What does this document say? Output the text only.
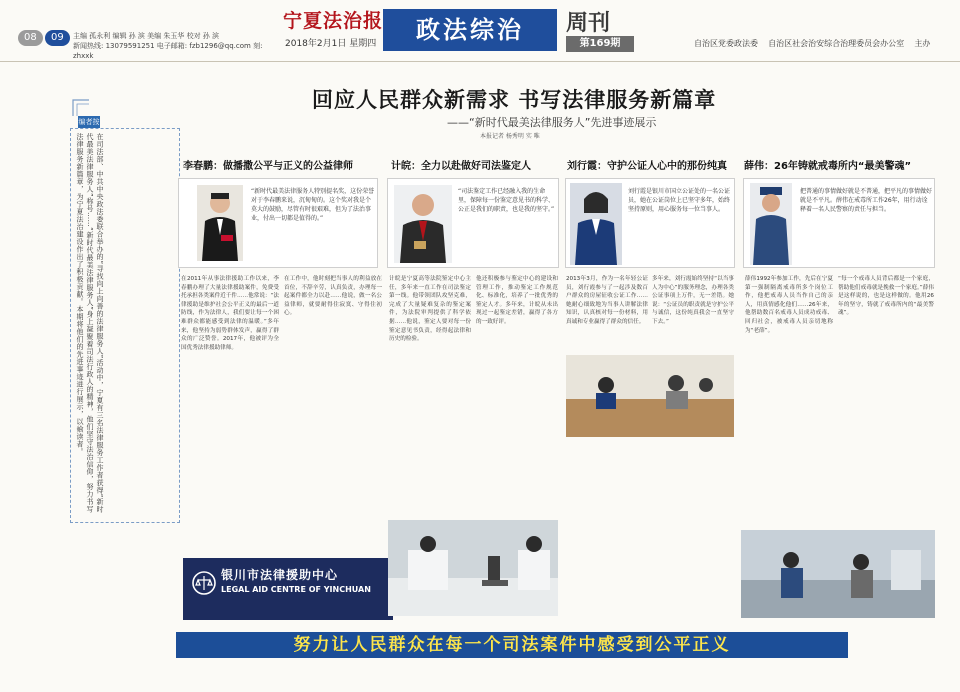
08	09	主编 孤永利 编辑 孙 滨 美编 朱玉华 校对 孙 滨
新闻热线: 13079591251 电子邮箱: fzb1296@qq.com 刻: zhxxk
宁夏法治报
2018年2月1日 星期四	政法综治	周刊
第169期	自治区党委政法委 自治区社会治安综合治理委员会办公室 主办
回应人民群众新需求 书写法律服务新篇章
——“新时代最美法律服务人”先进事迹展示
本报记者 杨秀明 实 唯
编者按
在司法部、中共中央政法委联合举办的“寻找向上向善的法律服务人”活动中，宁夏有三名法律服务工作者获得“新时代最美法律服务人”称号……“新时代最美法律服务人”身上凝聚着司法行政人的精神，他们坚守法治信仰，努力书写法律服务新篇章，为宁夏法治建设作出了积极贡献。本期将他们的先进事迹进行展示，以飨读者。	李春鹏：做播撒公平与正义的公益律师	计皖：全力以赴做好司法鉴定人	刘行霞：守护公证人心中的那份纯真 薛伟：26年铸就戒毒所内“最美警魂”
“新时代最美法律服务人特别提名奖，这份荣誉对于李春鹏来说，沉甸甸的。这个奖对我是个莫大的鼓励，尽管有时很艰难，但为了法治事业，付出一切都是值得的。”
“司法鉴定工作已经融入我的生命里，保障每一份鉴定意见书的科学、公正是我们的职责，也是我的坚守。”
刘行霞是银川市国立公证处的一名公证员，她在公证岗位上已坚守多年，始终坚持原则，用心服务每一位当事人。
把普通的事情做好就是不普通，把平凡的事情做好就是不平凡。薛伟在戒毒所工作26年，用行动诠释着一名人民警察的责任与担当。
在2011年从事法律援助工作以来，李春鹏办理了大量法律援助案件，免费受托承担各类案件近千件……他常说：“法律援助是维护社会公平正义的最后一道防线，作为法律人，我们要让每一个困难群众都能感受到法律的温暖。”多年来，他坚持为弱势群体发声，赢得了群众的广泛赞誉。2017年，他被评为全国优秀法律援助律师。
在工作中，他时刻把当事人的利益放在首位，不辞辛劳，认真负责，办理每一起案件都全力以赴……他说，做一名公益律师，就要耐得住寂寞、守得住初心。
计皖是宁夏高等法院鉴定中心主任，多年来一直工作在司法鉴定第一线。他带领团队攻坚克难，完成了大量疑难复杂的鉴定案件，为法院审判提供了科学依据……他说，鉴定人要对每一份鉴定意见书负责，经得起法律和历史的检验。
他还积极参与鉴定中心的建设和管理工作，推动鉴定工作规范化、标准化，培养了一批优秀的鉴定人才。多年来，计皖从未出现过一起鉴定差错，赢得了各方的一致好评。
2013年3月，作为一名年轻公证员，刘行霞参与了一起涉及数百户群众的房屋征收公证工作……她耐心细致地为当事人讲解法律知识，认真核对每一份材料，用真诚和专业赢得了群众的信任。
多年来，刘行霞始终坚持“以当事人为中心”的服务理念，办理各类公证事项上万件，无一差错。她说：“公证员的职责就是守护公平与诚信，这份纯真我会一直坚守下去。”
薛伟1992年参加工作，先后在宁夏第一强制隔离戒毒所多个岗位工作，他把戒毒人员当作自己的亲人，用真情感化他们……26年来，他帮助数百名戒毒人员成功戒毒、回归社会，被戒毒人员亲切地称为“老薛”。
“每一个戒毒人员背后都是一个家庭，帮助他们戒毒就是挽救一个家庭。”薛伟是这样说的，也是这样做的。他用26年的坚守，铸就了戒毒所内的“最美警魂”。
银川市法律援助中心
LEGAL AID CENTRE OF YINCHUAN
努力让人民群众在每一个司法案件中感受到公平正义
